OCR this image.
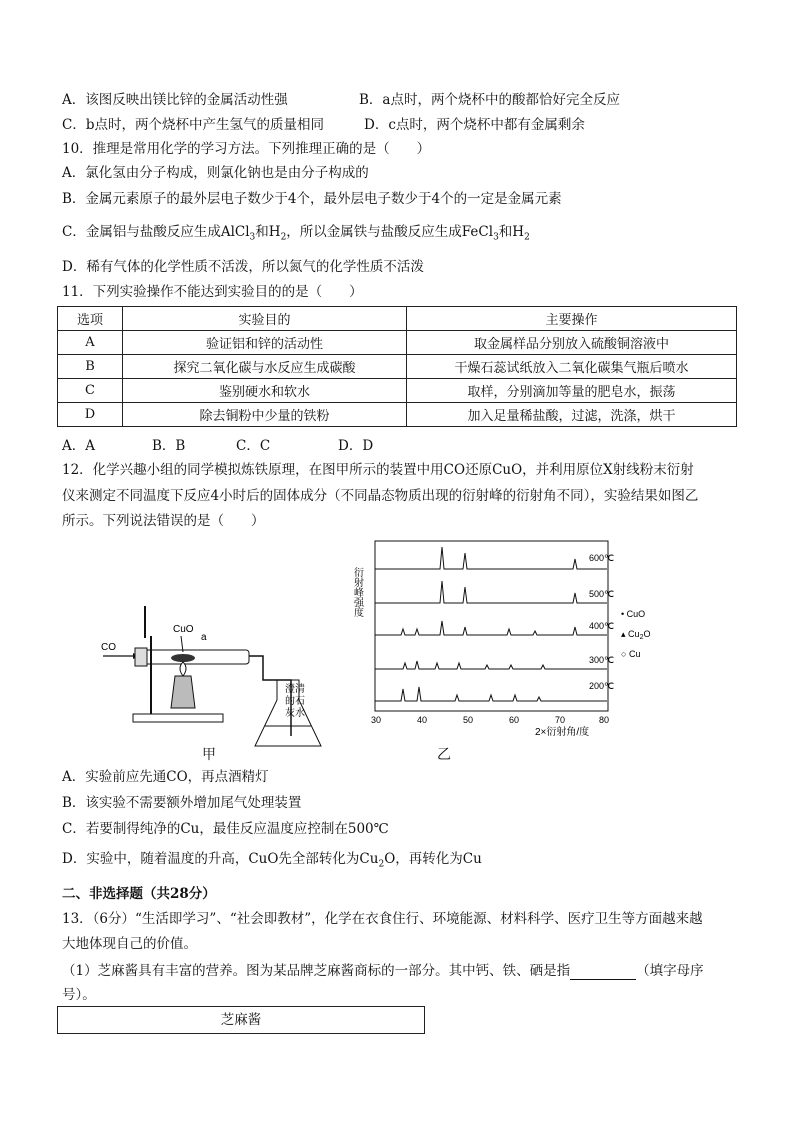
A．该图反映出镁比锌的金属活动性强	B．a点时，两个烧杯中的酸都恰好完全反应
C．b点时，两个烧杯中产生氢气的质量相同	D．c点时，两个烧杯中都有金属剩余
10．推理是常用化学的学习方法。下列推理正确的是（　　）
A．氯化氢由分子构成，则氯化钠也是由分子构成的
B．金属元素原子的最外层电子数少于4个，最外层电子数少于4个的一定是金属元素
C．金属铝与盐酸反应生成AlCl$_3$和$H_2$，所以金属铁与盐酸反应生成FeCl$_3$和$H_2$
D．稀有气体的化学性质不活泼，所以氮气的化学性质不活泼
11．下列实验操作不能达到实验目的的是（　　）
选项	实验目的	主要操作
A	验证铝和锌的活动性	取金属样品分别放入硫酸铜溶液中
B	探究二氧化碳与水反应生成碳酸	干燥石蕊试纸放入二氧化碳集气瓶后喷水
C	鉴别硬水和软水	取样，分别滴加等量的肥皂水，振荡
D	除去铜粉中少量的铁粉	加入足量稀盐酸，过滤，洗涤，烘干
A．A	B．B	C．C	D．D
12．化学兴趣小组的同学模拟炼铁原理，在图甲所示的装置中用CO还原CuO，并利用原位X射线粉末衍射
仪来测定不同温度下反应4小时后的固体成分（不同晶态物质出现的衍射峰的衍射角不同），实验结果如图乙
所示。下列说法错误的是（　　）
CO
CuO
a
澄清
的石
灰水
甲
600℃
500℃
400℃
300℃
200℃
衍射峰强度
30	40	50	60	70	80
2×衍射角/度
• CuO
▴ $Cu_2O$
○ Cu
乙
A．实验前应先通CO，再点酒精灯
B．该实验不需要额外增加尾气处理装置
C．若要制得纯净的Cu，最佳反应温度应控制在500℃
D．实验中，随着温度的升高，CuO先全部转化为$Cu_2O$，再转化为Cu
二、非选择题（共28分）
13．（6分）“生活即学习”、“社会即教材”，化学在衣食住行、环境能源、材料科学、医疗卫生等方面越来越
大地体现自己的价值。
（1）芝麻酱具有丰富的营养。图为某品牌芝麻酱商标的一部分。其中钙、铁、硒是指	（填字母序
号）。
芝麻酱
